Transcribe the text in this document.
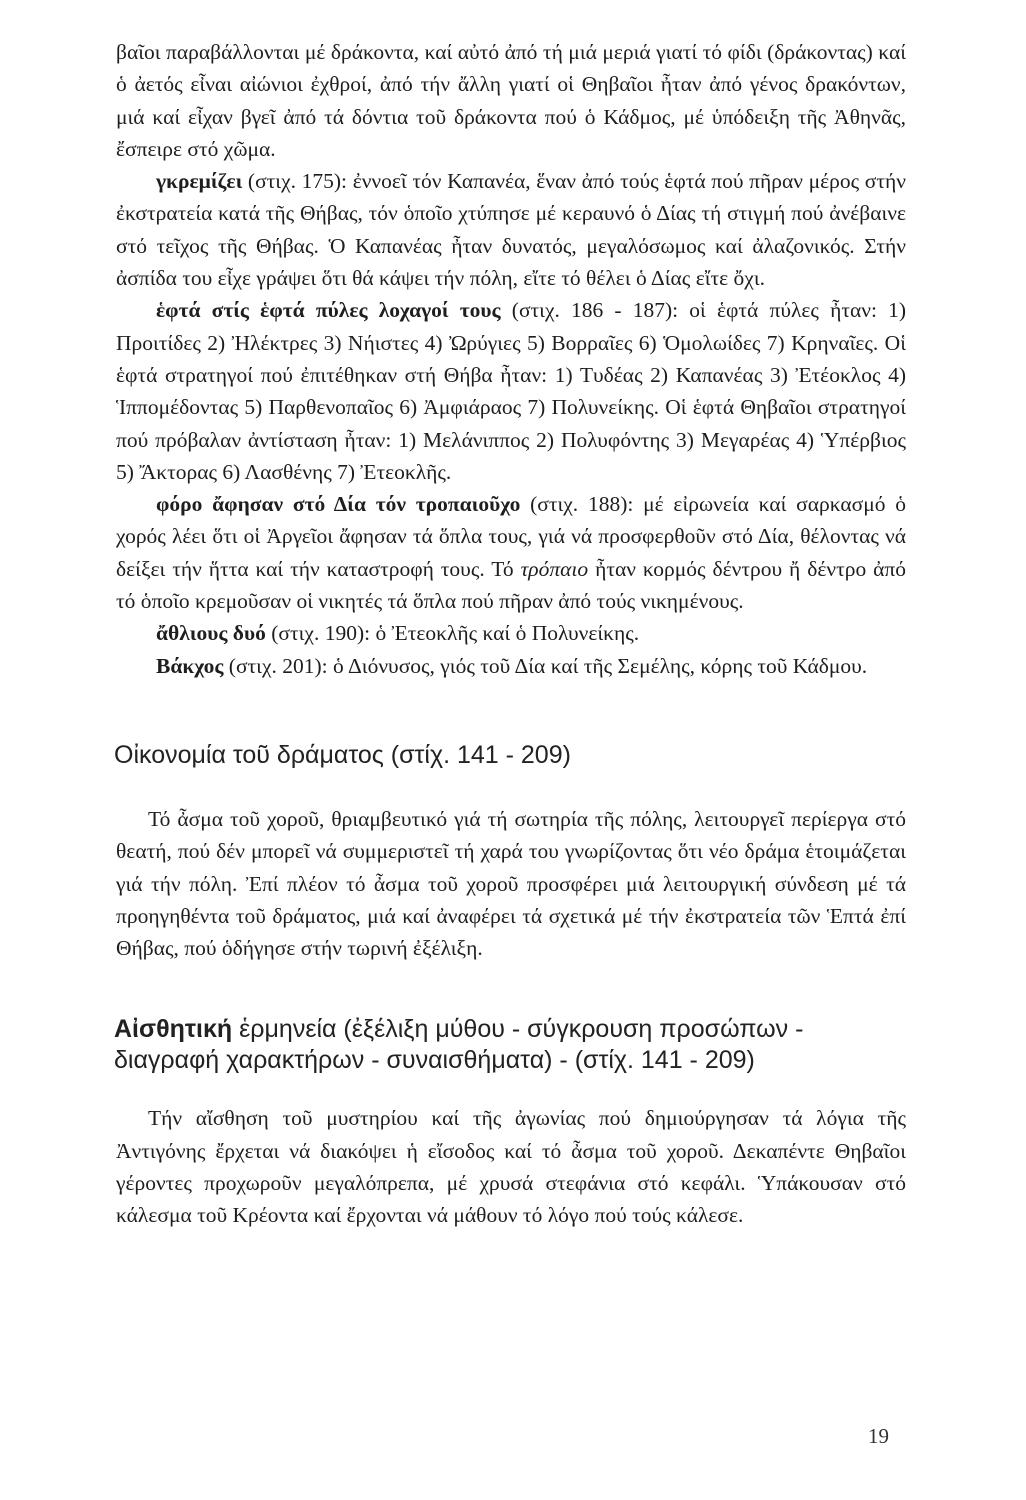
βαῖοι παραβάλλονται μέ δράκοντα, καί αὐτό ἀπό τή μιά μεριά γιατί τό φίδι (δράκοντας) καί ὁ ἀετός εἶναι αἰώνιοι ἐχθροί, ἀπό τήν ἄλλη γιατί οἱ Θηβαῖοι ἦταν ἀπό γένος δρακόντων, μιά καί εἶχαν βγεῖ ἀπό τά δόντια τοῦ δράκοντα πού ὁ Κάδμος, μέ ὑπόδειξη τῆς Ἀθηνᾶς, ἔσπειρε στό χῶμα.

γκρεμίζει (στιχ. 175): ἐννοεῖ τόν Καπανέα, ἕναν ἀπό τούς ἑφτά πού πῆραν μέρος στήν ἐκστρατεία κατά τῆς Θήβας, τόν ὁποῖο χτύπησε μέ κεραυνό ὁ Δίας τή στιγμή πού ἀνέβαινε στό τεῖχος τῆς Θήβας. Ὁ Καπανέας ἦταν δυνατός, μεγαλόσωμος καί ἀλαζονικός. Στήν ἀσπίδα του εἶχε γράψει ὅτι θά κάψει τήν πόλη, εἴτε τό θέλει ὁ Δίας εἴτε ὄχι.

ἑφτά στίς ἑφτά πύλες λοχαγοί τους (στιχ. 186 - 187): οἱ ἑφτά πύλες ἦταν: 1) Προιτίδες 2) Ἠλέκτρες 3) Νήιστες 4) Ὠρύγιες 5) Βορραῖες 6) Ὁμολωίδες 7) Κρηναῖες. Οἱ ἑφτά στρατηγοί πού ἐπιτέθηκαν στή Θήβα ἦταν: 1) Τυδέας 2) Καπανέας 3) Ἐτέοκλος 4) Ἱππομέδοντας 5) Παρθενοπαῖος 6) Ἀμφιάραος 7) Πολυνείκης. Οἱ ἑφτά Θηβαῖοι στρατηγοί πού πρόβαλαν ἀντίσταση ἦταν: 1) Μελάνιππος 2) Πολυφόντης 3) Μεγαρέας 4) Ὑπέρβιος 5) Ἄκτορας 6) Λασθένης 7) Ἐτεοκλῆς.

φόρο ἄφησαν στό Δία τόν τροπαιοῦχο (στιχ. 188): μέ εἰρωνεία καί σαρκασμό ὁ χορός λέει ὅτι οἱ Ἀργεῖοι ἄφησαν τά ὅπλα τους, γιά νά προσφερθοῦν στό Δία, θέλοντας νά δείξει τήν ἥττα καί τήν καταστροφή τους. Τό τρόπαιο ἦταν κορμός δέντρου ἤ δέντρο ἀπό τό ὁποῖο κρεμοῦσαν οἱ νικητές τά ὅπλα πού πῆραν ἀπό τούς νικημένους.

ἄθλιους δυό (στιχ. 190): ὁ Ἐτεοκλῆς καί ὁ Πολυνείκης.

Βάκχος (στιχ. 201): ὁ Διόνυσος, γιός τοῦ Δία καί τῆς Σεμέλης, κόρης τοῦ Κάδμου.

Οἰκονομία τοῦ δράματος (στίχ. 141 - 209)

Τό ἆσμα τοῦ χοροῦ, θριαμβευτικό γιά τή σωτηρία τῆς πόλης, λειτουργεῖ περίεργα στό θεατή, πού δέν μπορεῖ νά συμμεριστεῖ τή χαρά του γνωρίζοντας ὅτι νέο δράμα ἑτοιμάζεται γιά τήν πόλη. Ἐπί πλέον τό ἆσμα τοῦ χοροῦ προσφέρει μιά λειτουργική σύνδεση μέ τά προηγηθέντα τοῦ δράματος, μιά καί ἀναφέρει τά σχετικά μέ τήν ἐκστρατεία τῶν Ἑπτά ἐπί Θήβας, πού ὁδήγησε στήν τωρινή ἐξέλιξη.

Αἰσθητική ἑρμηνεία (ἐξέλιξη μύθου - σύγκρουση προσώπων - διαγραφή χαρακτήρων - συναισθήματα) - (στίχ. 141 - 209)

Τήν αἴσθηση τοῦ μυστηρίου καί τῆς ἀγωνίας πού δημιούργησαν τά λόγια τῆς Ἀντιγόνης ἔρχεται νά διακόψει ἡ εἴσοδος καί τό ἆσμα τοῦ χοροῦ. Δεκαπέντε Θηβαῖοι γέροντες προχωροῦν μεγαλόπρεπα, μέ χρυσά στεφάνια στό κεφάλι. Ὑπάκουσαν στό κάλεσμα τοῦ Κρέοντα καί ἔρχονται νά μάθουν τό λόγο πού τούς κάλεσε.

19
